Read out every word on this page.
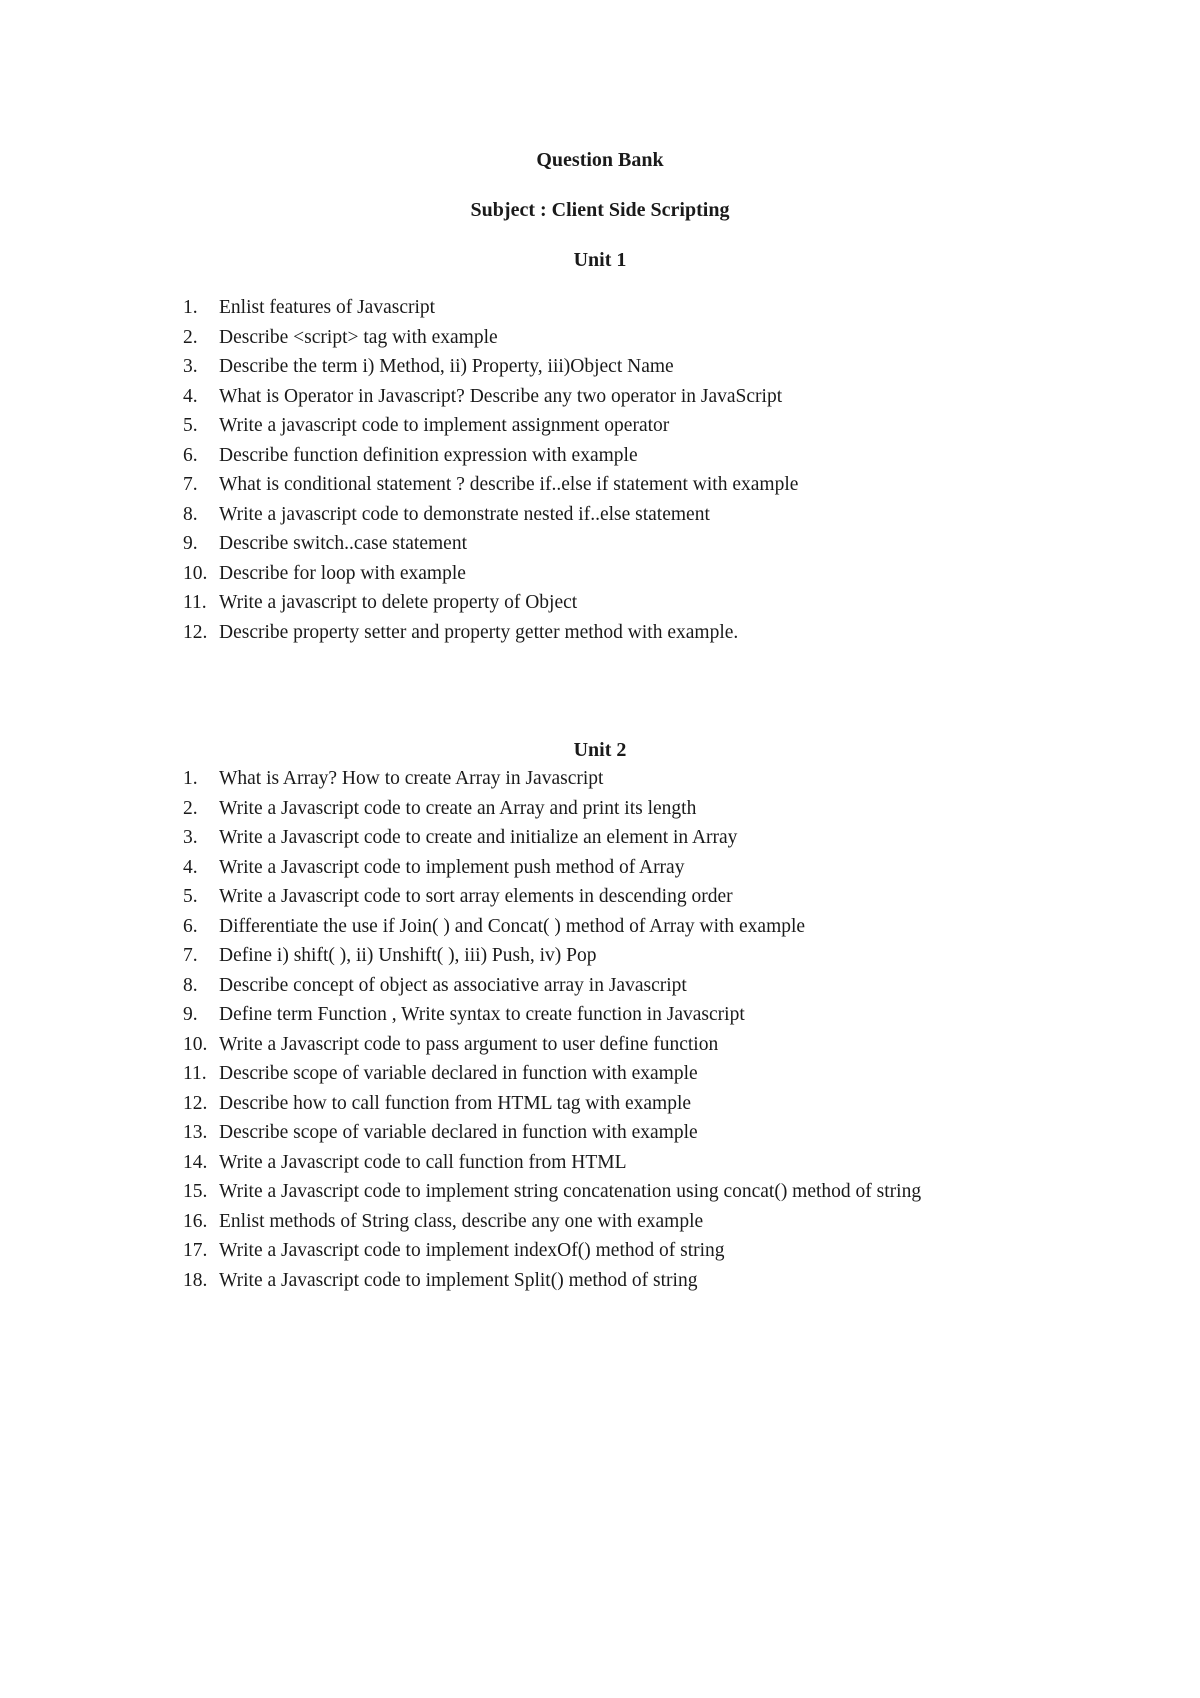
Question Bank
Subject : Client Side Scripting
Unit 1
1.	Enlist features of Javascript
2.	Describe <script> tag with example
3.	Describe the term i) Method, ii) Property, iii)Object Name
4.	What is Operator in Javascript? Describe any two operator in JavaScript
5.	Write a javascript code to implement assignment operator
6.	Describe function definition expression with example
7.	What is conditional statement ? describe if..else if statement with example
8.	Write a javascript code to demonstrate nested if..else statement
9.	Describe switch..case statement
10. Describe for loop with example
11. Write a javascript to delete property of Object
12. Describe property setter and property getter method with example.
Unit 2
1.	What is Array? How to create Array in Javascript
2.	Write a Javascript code to create an Array and print its length
3.	Write a Javascript code to create and initialize an element in Array
4.	Write a Javascript code to implement push method of Array
5.	Write a Javascript code to sort array elements in descending order
6.	Differentiate the use if Join( ) and Concat( ) method of Array with example
7.	Define i) shift( ), ii) Unshift( ), iii) Push, iv) Pop
8.	Describe concept of object as associative array in Javascript
9.	Define term Function , Write syntax to create function in Javascript
10. Write a Javascript code to pass argument to user define function
11. Describe scope of variable declared in function with example
12. Describe how to call function from HTML tag with example
13. Describe scope of variable declared in function with example
14. Write a Javascript code to call function from HTML
15. Write a Javascript code to implement string concatenation using concat() method of string
16. Enlist methods of String class, describe any one with example
17. Write a Javascript code to implement indexOf() method of string
18. Write a Javascript code to implement Split() method of string
